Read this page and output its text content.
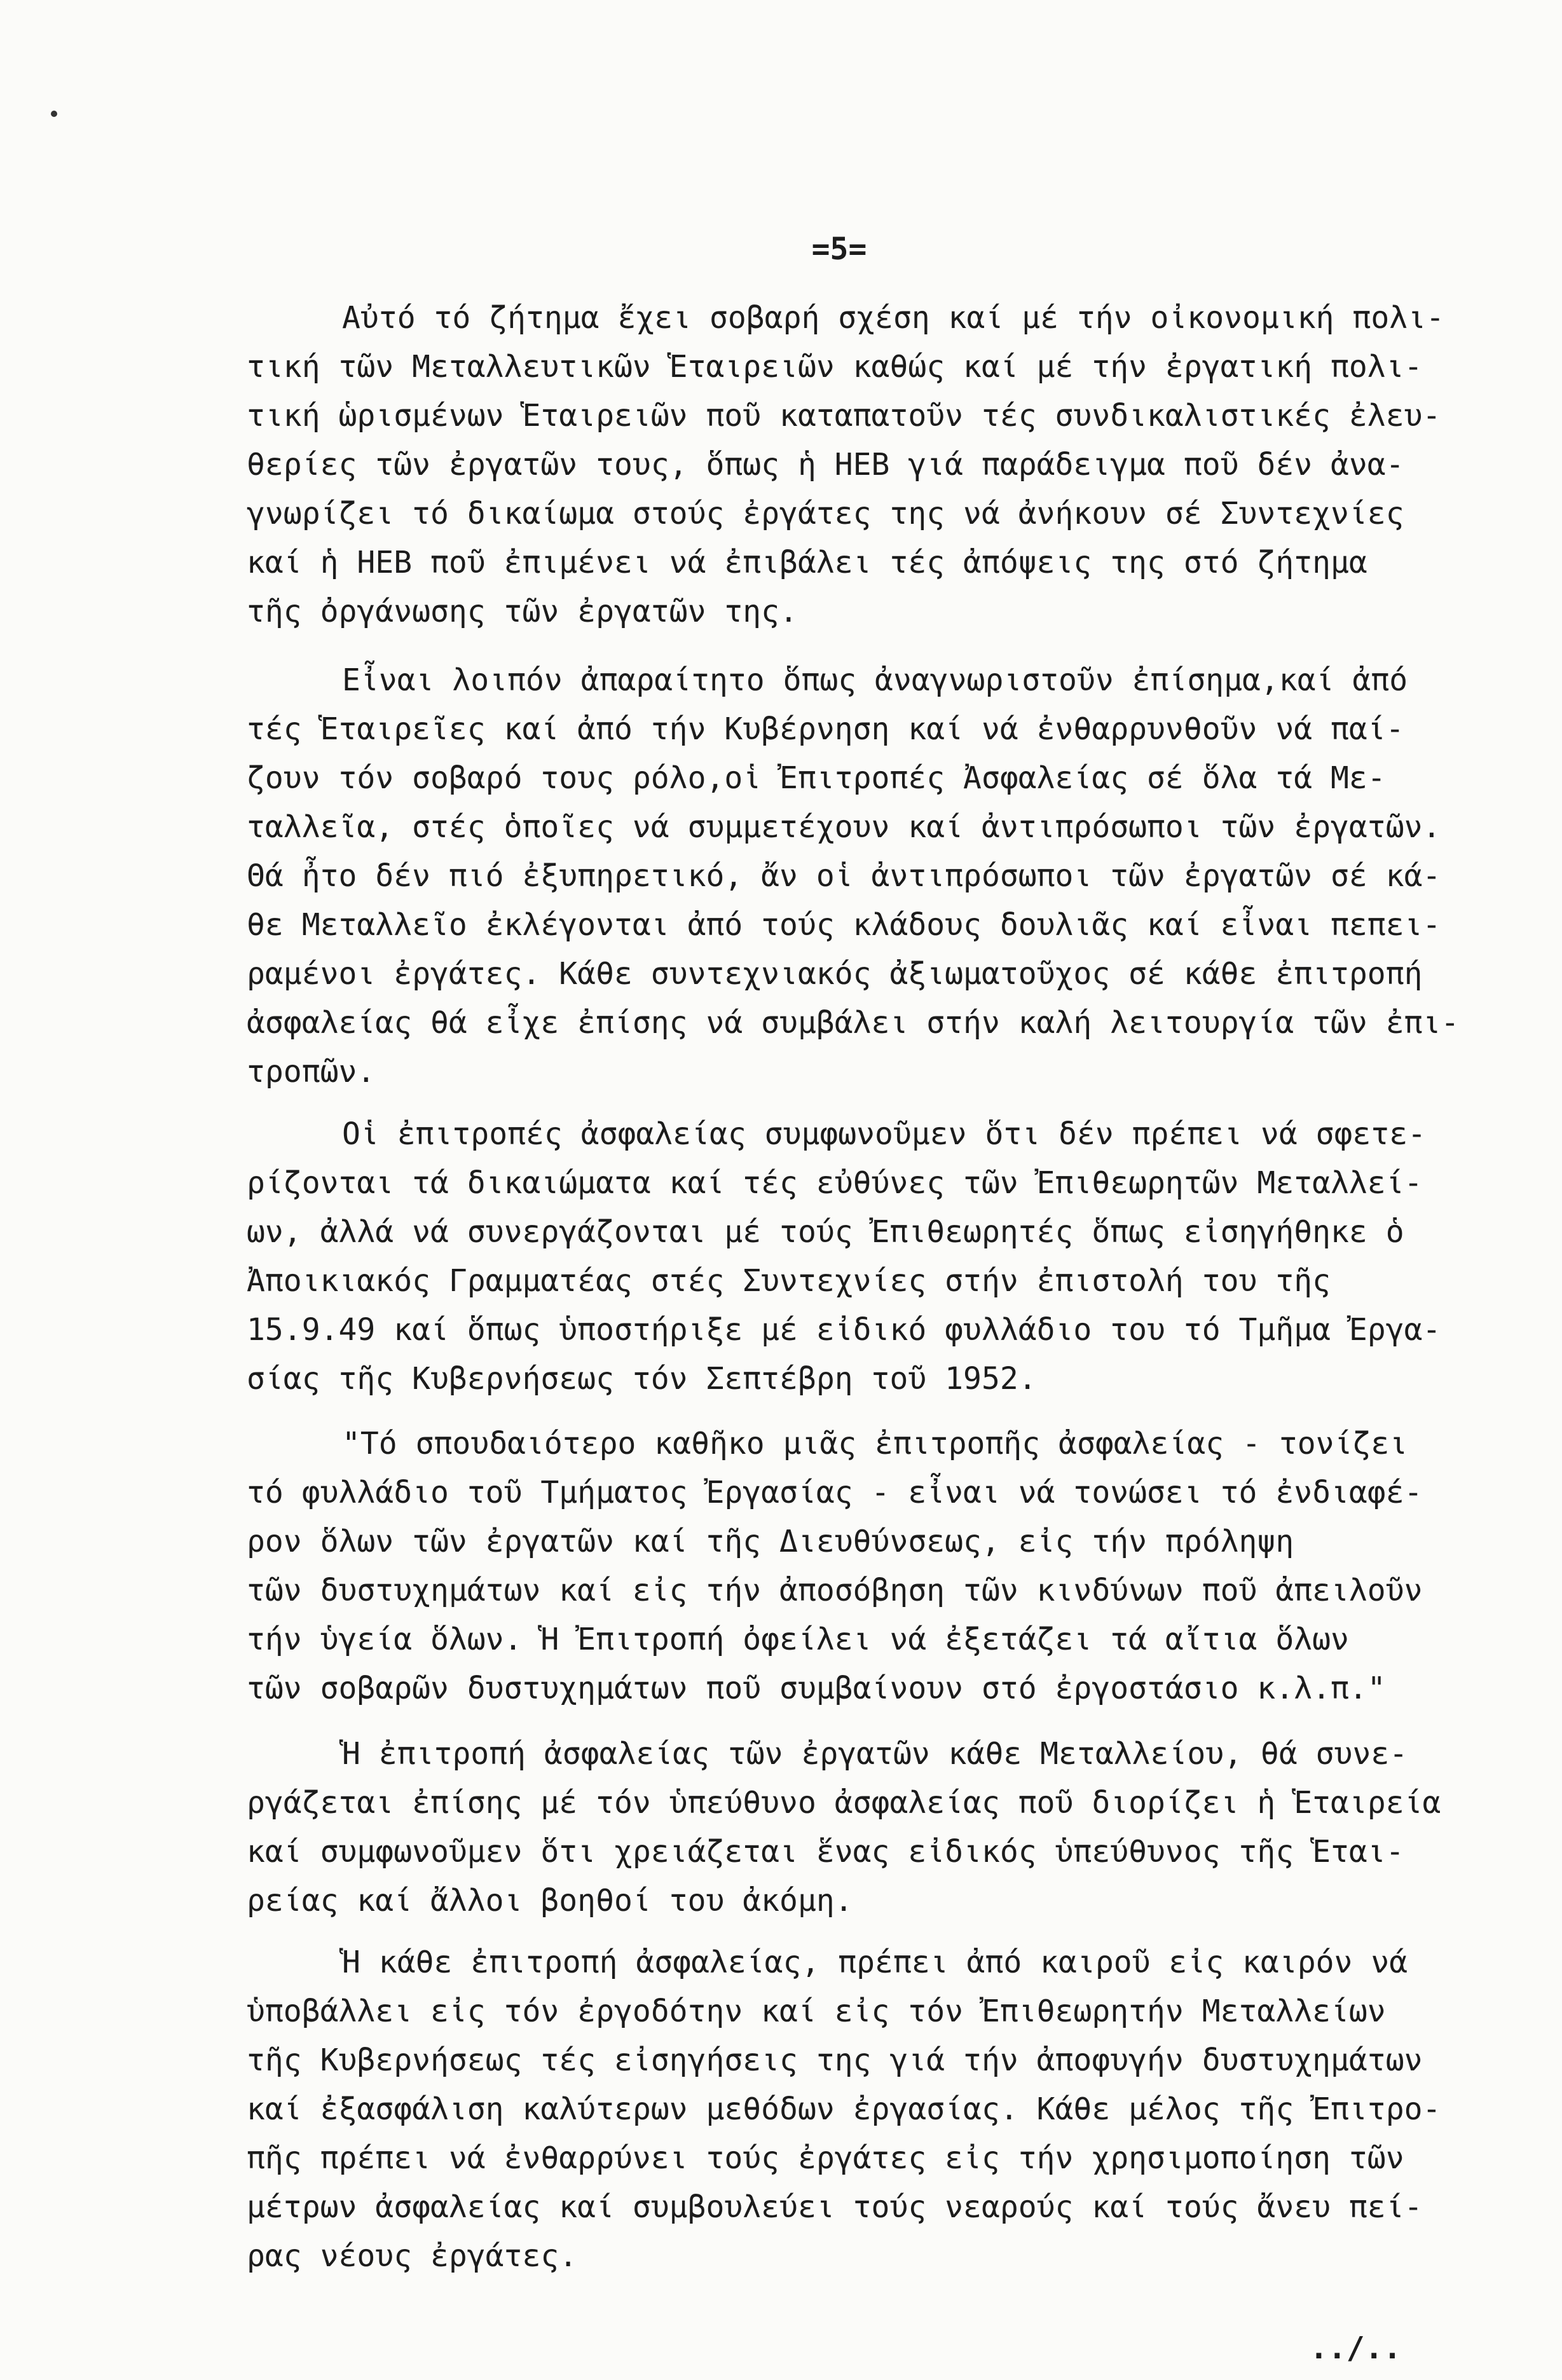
=5=
Αὐτό τό ζήτημα ἔχει σοβαρή σχέση καί μέ τήν οἰκονομική πολι-
τική τῶν Μεταλλευτικῶν Ἑταιρειῶν καθώς καί μέ τήν ἐργατική πολι-
τική ὡρισμένων Ἑταιρειῶν ποῦ καταπατοῦν τές συνδικαλιστικές ἐλευ-
θερίες τῶν ἐργατῶν τους, ὅπως ἡ ΗΕΒ γιά παράδειγμα ποῦ δέν ἀνα-
γνωρίζει τό δικαίωμα στούς ἐργάτες της νά ἀνήκουν σέ Συντεχνίες
καί ἡ ΗΕΒ ποῦ ἐπιμένει νά ἐπιβάλει τές ἀπόψεις της στό ζήτημα
τῆς ὀργάνωσης τῶν ἐργατῶν της.
Εἶναι λοιπόν ἀπαραίτητο ὅπως ἀναγνωριστοῦν ἐπίσημα,καί ἀπό
τές Ἑταιρεῖες καί ἀπό τήν Κυβέρνηση καί νά ἐνθαρρυνθοῦν νά παί-
ζουν τόν σοβαρό τους ρόλο,οἱ Ἐπιτροπές Ἀσφαλείας σέ ὅλα τά Με-
ταλλεῖα, στές ὁποῖες νά συμμετέχουν καί ἀντιπρόσωποι τῶν ἐργατῶν.
Θά ἦτο δέν πιό ἐξυπηρετικό, ἄν οἱ ἀντιπρόσωποι τῶν ἐργατῶν σέ κά-
θε Μεταλλεῖο ἐκλέγονται ἀπό τούς κλάδους δουλιᾶς καί εἶναι πεπει-
ραμένοι ἐργάτες. Κάθε συντεχνιακός ἀξιωματοῦχος σέ κάθε ἐπιτροπή
ἀσφαλείας θά εἶχε ἐπίσης νά συμβάλει στήν καλή λειτουργία τῶν ἐπι-
τροπῶν.
Οἱ ἐπιτροπές ἀσφαλείας συμφωνοῦμεν ὅτι δέν πρέπει νά σφετε-
ρίζονται τά δικαιώματα καί τές εὐθύνες τῶν Ἐπιθεωρητῶν Μεταλλεί-
ων, ἀλλά νά συνεργάζονται μέ τούς Ἐπιθεωρητές ὅπως εἰσηγήθηκε ὁ
Ἀποικιακός Γραμματέας στές Συντεχνίες στήν ἐπιστολή του τῆς
15.9.49 καί ὅπως ὑποστήριξε μέ εἰδικό φυλλάδιο του τό Τμῆμα Ἐργα-
σίας τῆς Κυβερνήσεως τόν Σεπτέβρη τοῦ 1952.
"Τό σπουδαιότερο καθῆκο μιᾶς ἐπιτροπῆς ἀσφαλείας - τονίζει
τό φυλλάδιο τοῦ Τμήματος Ἐργασίας - εἶναι νά τονώσει τό ἐνδιαφέ-
ρον ὅλων τῶν ἐργατῶν καί τῆς Διευθύνσεως, εἰς τήν πρόληψη
τῶν δυστυχημάτων καί εἰς τήν ἀποσόβηση τῶν κινδύνων ποῦ ἀπειλοῦν
τήν ὑγεία ὅλων. Ἡ Ἐπιτροπή ὀφείλει νά ἐξετάζει τά αἴτια ὅλων
τῶν σοβαρῶν δυστυχημάτων ποῦ συμβαίνουν στό ἐργοστάσιο κ.λ.π."
Ἡ ἐπιτροπή ἀσφαλείας τῶν ἐργατῶν κάθε Μεταλλείου, θά συνε-
ργάζεται ἐπίσης μέ τόν ὑπεύθυνο ἀσφαλείας ποῦ διορίζει ἡ Ἑταιρεία
καί συμφωνοῦμεν ὅτι χρειάζεται ἕνας εἰδικός ὑπεύθυνος τῆς Ἑται-
ρείας καί ἄλλοι βοηθοί του ἀκόμη.
Ἡ κάθε ἐπιτροπή ἀσφαλείας, πρέπει ἀπό καιροῦ εἰς καιρόν νά
ὑποβάλλει εἰς τόν ἐργοδότην καί εἰς τόν Ἐπιθεωρητήν Μεταλλείων
τῆς Κυβερνήσεως τές εἰσηγήσεις της γιά τήν ἀποφυγήν δυστυχημάτων
καί ἐξασφάλιση καλύτερων μεθόδων ἐργασίας. Κάθε μέλος τῆς Ἐπιτρο-
πῆς πρέπει νά ἐνθαρρύνει τούς ἐργάτες εἰς τήν χρησιμοποίηση τῶν
μέτρων ἀσφαλείας καί συμβουλεύει τούς νεαρούς καί τούς ἄνευ πεί-
ρας νέους ἐργάτες.
../..
